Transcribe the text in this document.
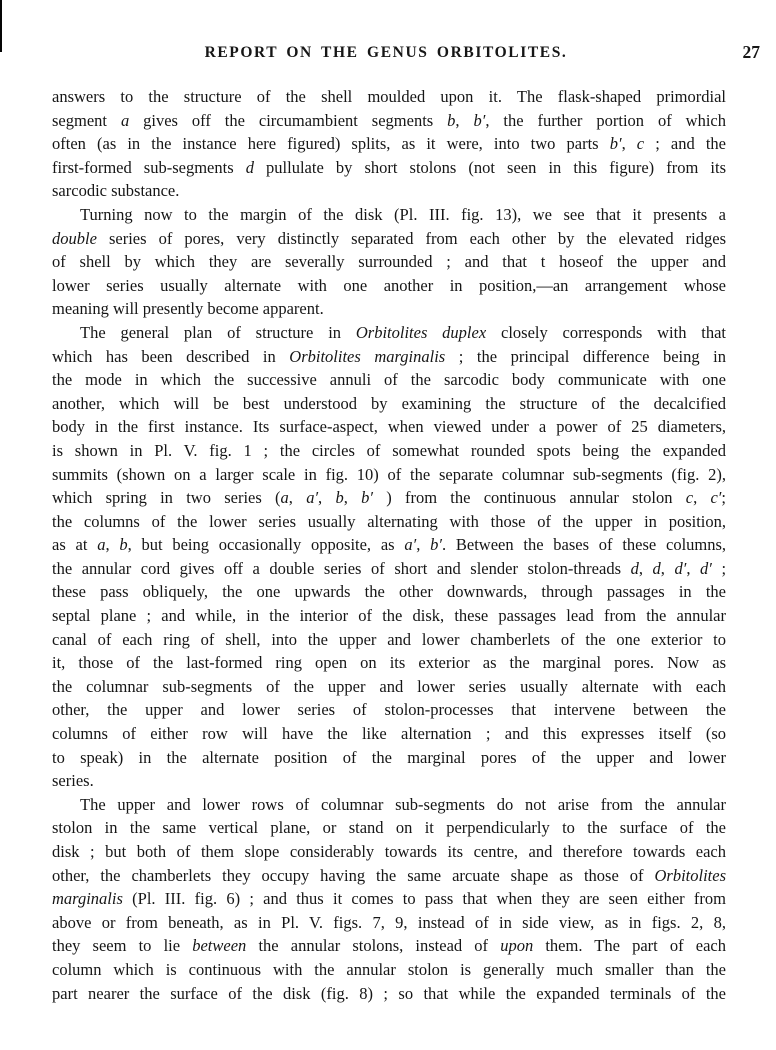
REPORT ON THE GENUS ORBITOLITES.	27
answers to the structure of the shell moulded upon it. The flask-shaped primordial
segment a gives off the circumambient segments b, b′, the further portion of which
often (as in the instance here figured) splits, as it were, into two parts b′, c ; and the
first-formed sub-segments d pullulate by short stolons (not seen in this figure) from its
sarcodic substance.
Turning now to the margin of the disk (Pl. III. fig. 13), we see that it presents a
double series of pores, very distinctly separated from each other by the elevated ridges
of shell by which they are severally surrounded ; and that t hoseof the upper and
lower series usually alternate with one another in position,—an arrangement whose
meaning will presently become apparent.
The general plan of structure in Orbitolites duplex closely corresponds with that
which has been described in Orbitolites marginalis ; the principal difference being in
the mode in which the successive annuli of the sarcodic body communicate with one
another, which will be best understood by examining the structure of the decalcified
body in the first instance. Its surface-aspect, when viewed under a power of 25 diameters,
is shown in Pl. V. fig. 1 ; the circles of somewhat rounded spots being the expanded
summits (shown on a larger scale in fig. 10) of the separate columnar sub-segments (fig. 2),
which spring in two series (a, a′, b, b′ ) from the continuous annular stolon c, c′;
the columns of the lower series usually alternating with those of the upper in position,
as at a, b, but being occasionally opposite, as a′, b′. Between the bases of these columns,
the annular cord gives off a double series of short and slender stolon-threads d, d, d′, d′ ;
these pass obliquely, the one upwards the other downwards, through passages in the
septal plane ; and while, in the interior of the disk, these passages lead from the annular
canal of each ring of shell, into the upper and lower chamberlets of the one exterior to
it, those of the last-formed ring open on its exterior as the marginal pores. Now as
the columnar sub-segments of the upper and lower series usually alternate with each
other, the upper and lower series of stolon-processes that intervene between the
columns of either row will have the like alternation ; and this expresses itself (so
to speak) in the alternate position of the marginal pores of the upper and lower
series.
The upper and lower rows of columnar sub-segments do not arise from the annular
stolon in the same vertical plane, or stand on it perpendicularly to the surface of the
disk ; but both of them slope considerably towards its centre, and therefore towards each
other, the chamberlets they occupy having the same arcuate shape as those of Orbitolites
marginalis (Pl. III. fig. 6) ; and thus it comes to pass that when they are seen either from
above or from beneath, as in Pl. V. figs. 7, 9, instead of in side view, as in figs. 2, 8,
they seem to lie between the annular stolons, instead of upon them. The part of each
column which is continuous with the annular stolon is generally much smaller than the
part nearer the surface of the disk (fig. 8) ; so that while the expanded terminals of the
